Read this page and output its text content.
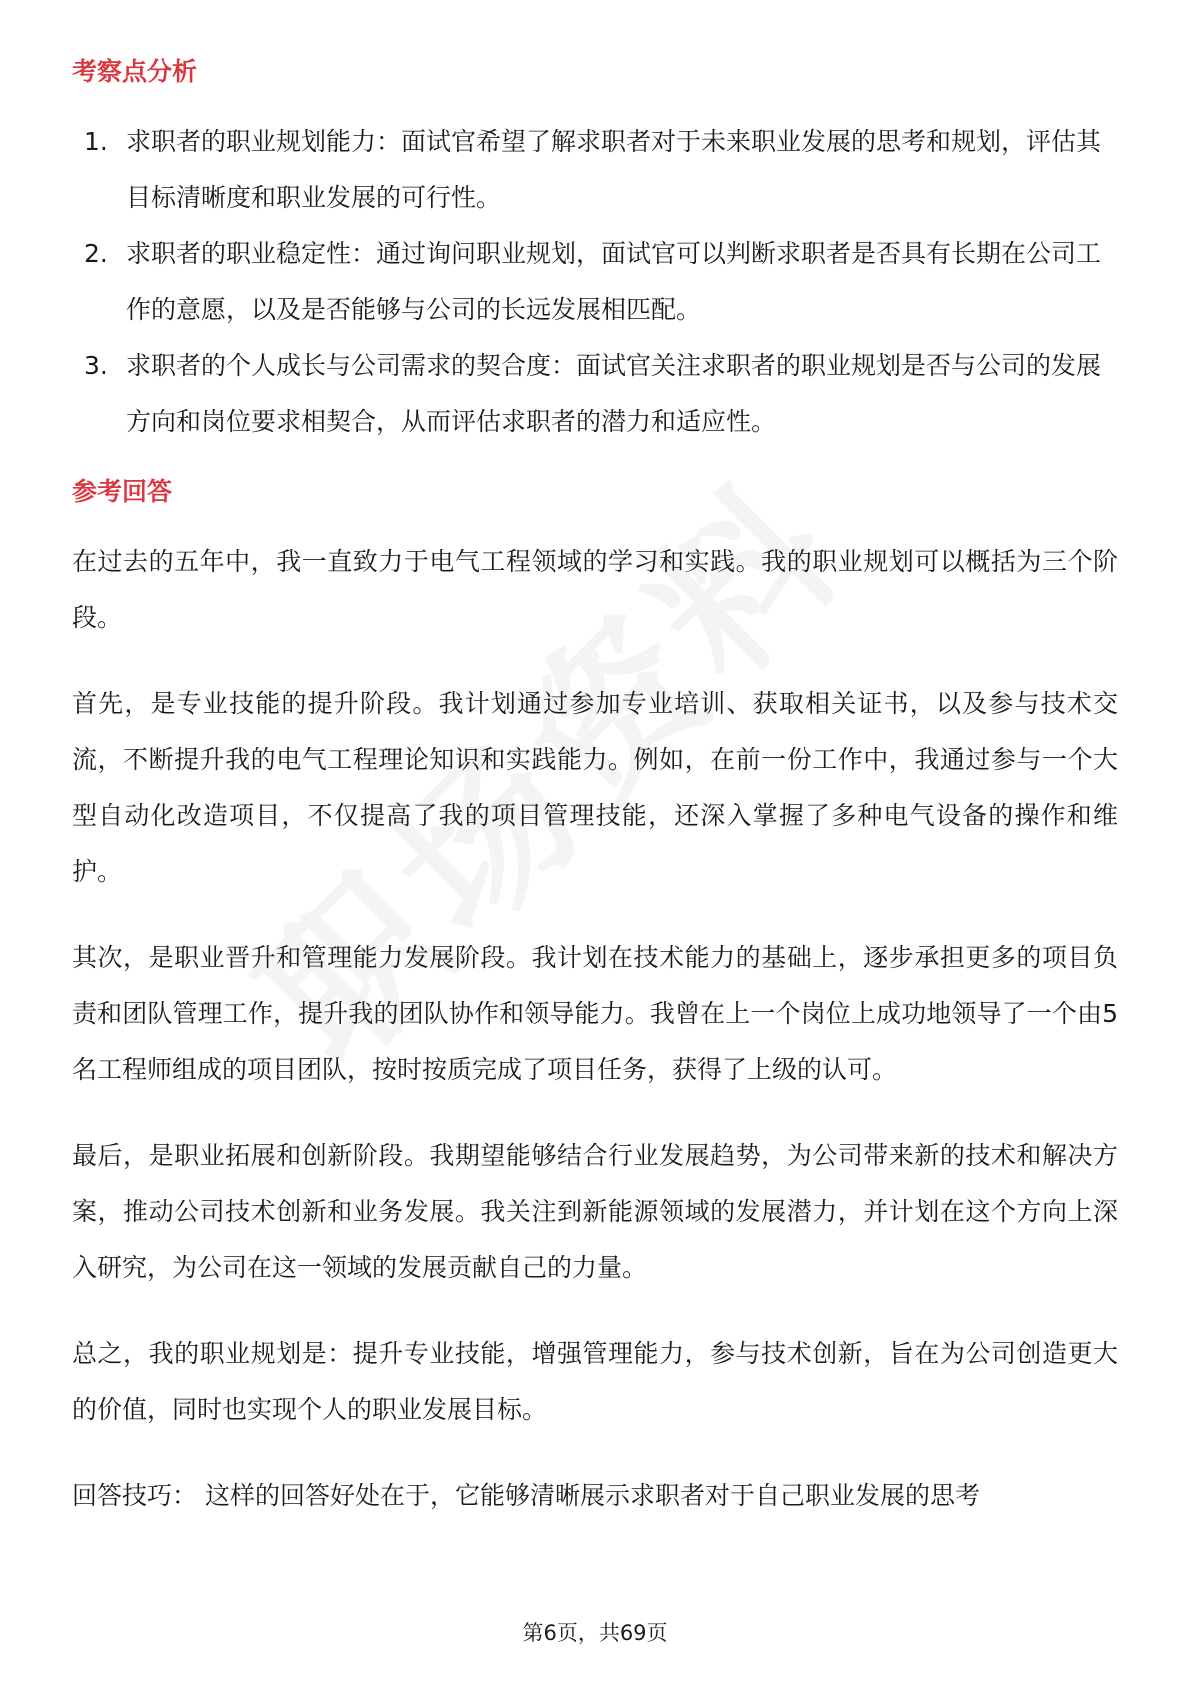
考察点分析
1. 求职者的职业规划能力：面试官希望了解求职者对于未来职业发展的思考和规划，评估其目标清晰度和职业发展的可行性。
2. 求职者的职业稳定性：通过询问职业规划，面试官可以判断求职者是否具有长期在公司工作的意愿，以及是否能够与公司的长远发展相匹配。
3. 求职者的个人成长与公司需求的契合度：面试官关注求职者的职业规划是否与公司的发展方向和岗位要求相契合，从而评估求职者的潜力和适应性。
参考回答

在过去的五年中，我一直致力于电气工程领域的学习和实践。我的职业规划可以概括为三个阶段。

首先，是专业技能的提升阶段。我计划通过参加专业培训、获取相关证书，以及参与技术交流，不断提升我的电气工程理论知识和实践能力。例如，在前一份工作中，我通过参与一个大型自动化改造项目，不仅提高了我的项目管理技能，还深入掌握了多种电气设备的操作和维护。

其次，是职业晋升和管理能力发展阶段。我计划在技术能力的基础上，逐步承担更多的项目负责和团队管理工作，提升我的团队协作和领导能力。我曾在上一个岗位上成功地领导了一个由5名工程师组成的项目团队，按时按质完成了项目任务，获得了上级的认可。

最后，是职业拓展和创新阶段。我期望能够结合行业发展趋势，为公司带来新的技术和解决方案，推动公司技术创新和业务发展。我关注到新能源领域的发展潜力，并计划在这个方向上深入研究，为公司在这一领域的发展贡献自己的力量。

总之，我的职业规划是：提升专业技能，增强管理能力，参与技术创新，旨在为公司创造更大的价值，同时也实现个人的职业发展目标。

回答技巧： 这样的回答好处在于，它能够清晰展示求职者对于自己职业发展的思考

第6页，共69页
